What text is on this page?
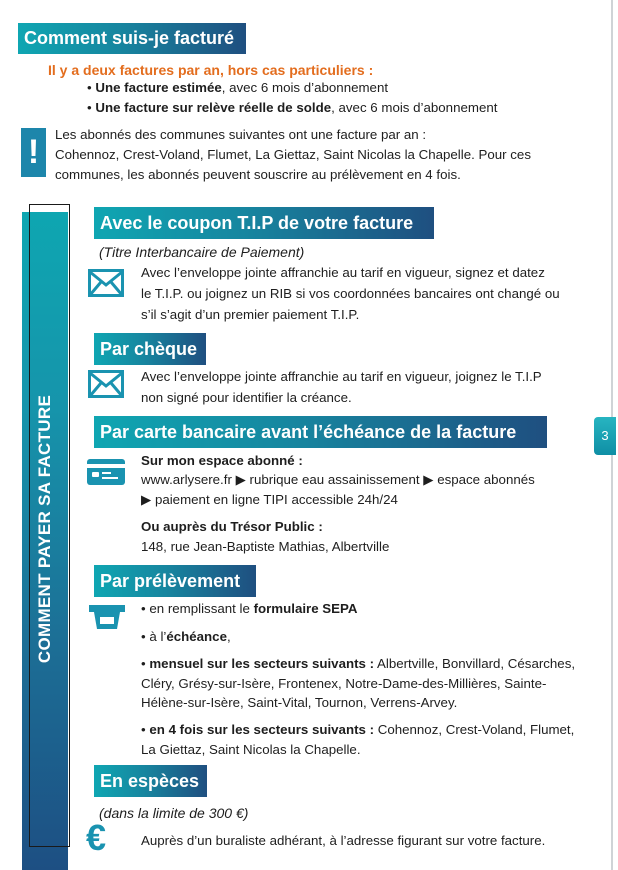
Comment suis-je facturé
Il y a deux factures par an, hors cas particuliers :
• Une facture estimée, avec 6 mois d’abonnement
• Une facture sur relève réelle de solde, avec 6 mois d’abonnement
!	Les abonnés des communes suivantes ont une facture par an :
Cohennoz, Crest-Voland, Flumet, La Giettaz, Saint Nicolas la Chapelle. Pour ces
communes, les abonnés peuvent souscrire au prélèvement en 4 fois.
COMMENT PAYER SA FACTURE	3
Avec le coupon T.I.P de votre facture
(Titre Interbancaire de Paiement)
Avec l’enveloppe jointe affranchie au tarif en vigueur, signez et datez
le T.I.P. ou joignez un RIB si vos coordonnées bancaires ont changé ou
s’il s’agit d’un premier paiement T.I.P.
Par chèque
Avec l’enveloppe jointe affranchie au tarif en vigueur, joignez le T.I.P
non signé pour identifier la créance.
Par carte bancaire avant l’échéance de la facture
Sur mon espace abonné :
www.arlysere.fr ▶ rubrique eau assainissement ▶ espace abonnés
▶ paiement en ligne TIPI accessible 24h/24
Ou auprès du Trésor Public :
148, rue Jean-Baptiste Mathias, Albertville
Par prélèvement
• en remplissant le formulaire SEPA
• à l’échéance,
• mensuel sur les secteurs suivants : Albertville, Bonvillard, Césarches,
Cléry, Grésy-sur-Isère, Frontenex, Notre-Dame-des-Millières, Sainte-
Hélène-sur-Isère, Saint-Vital, Tournon, Verrens-Arvey.
• en 4 fois sur les secteurs suivants : Cohennoz, Crest-Voland, Flumet,
La Giettaz, Saint Nicolas la Chapelle.
En espèces
(dans la limite de 300 €)
€	Auprès d’un buraliste adhérant, à l’adresse figurant sur votre facture.
